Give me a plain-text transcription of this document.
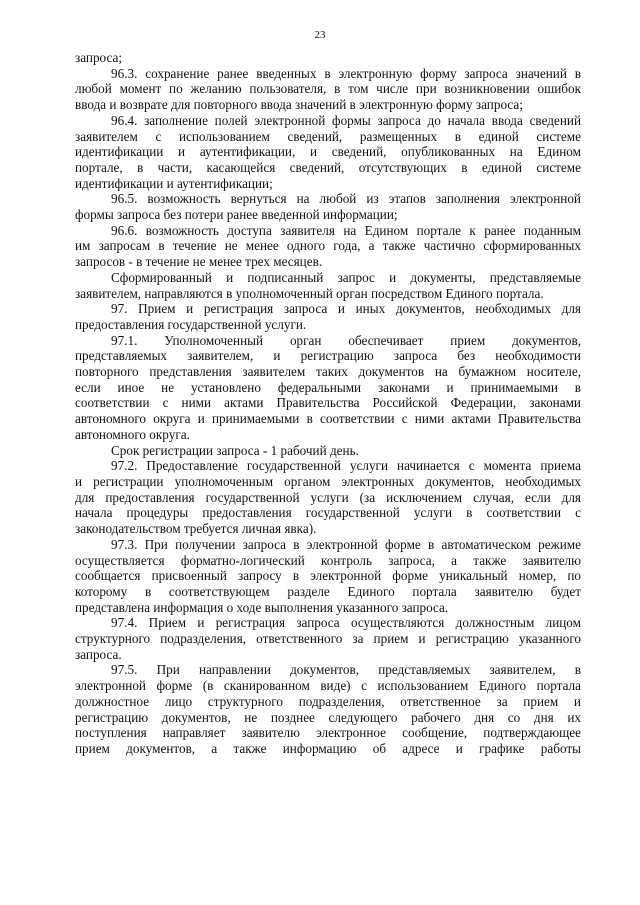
23
запроса;
96.3. сохранение ранее введенных в электронную форму запроса значений в
любой момент по желанию пользователя, в том числе при возникновении ошибок
ввода и возврате для повторного ввода значений в электронную форму запроса;
96.4. заполнение полей электронной формы запроса до начала ввода сведений
заявителем с использованием сведений, размещенных в единой системе
идентификации и аутентификации, и сведений, опубликованных на Едином
портале, в части, касающейся сведений, отсутствующих в единой системе
идентификации и аутентификации;
96.5. возможность вернуться на любой из этапов заполнения электронной
формы запроса без потери ранее введенной информации;
96.6. возможность доступа заявителя на Едином портале к ранее поданным
им запросам в течение не менее одного года, а также частично сформированных
запросов - в течение не менее трех месяцев.
Сформированный и подписанный запрос и документы, представляемые
заявителем, направляются в уполномоченный орган посредством Единого портала.
97. Прием и регистрация запроса и иных документов, необходимых для
предоставления государственной услуги.
97.1. Уполномоченный орган обеспечивает прием документов,
представляемых заявителем, и регистрацию запроса без необходимости
повторного представления заявителем таких документов на бумажном носителе,
если иное не установлено федеральными законами и принимаемыми в
соответствии с ними актами Правительства Российской Федерации, законами
автономного округа и принимаемыми в соответствии с ними актами Правительства
автономного округа.
Срок регистрации запроса - 1 рабочий день.
97.2. Предоставление государственной услуги начинается с момента приема
и регистрации уполномоченным органом электронных документов, необходимых
для предоставления государственной услуги (за исключением случая, если для
начала процедуры предоставления государственной услуги в соответствии с
законодательством требуется личная явка).
97.3. При получении запроса в электронной форме в автоматическом режиме
осуществляется форматно-логический контроль запроса, а также заявителю
сообщается присвоенный запросу в электронной форме уникальный номер, по
которому в соответствующем разделе Единого портала заявителю будет
представлена информация о ходе выполнения указанного запроса.
97.4. Прием и регистрация запроса осуществляются должностным лицом
структурного подразделения, ответственного за прием и регистрацию указанного
запроса.
97.5. При направлении документов, представляемых заявителем, в
электронной форме (в сканированном виде) с использованием Единого портала
должностное лицо структурного подразделения, ответственное за прием и
регистрацию документов, не позднее следующего рабочего дня со дня их
поступления направляет заявителю электронное сообщение, подтверждающее
прием документов, а также информацию об адресе и графике работы
